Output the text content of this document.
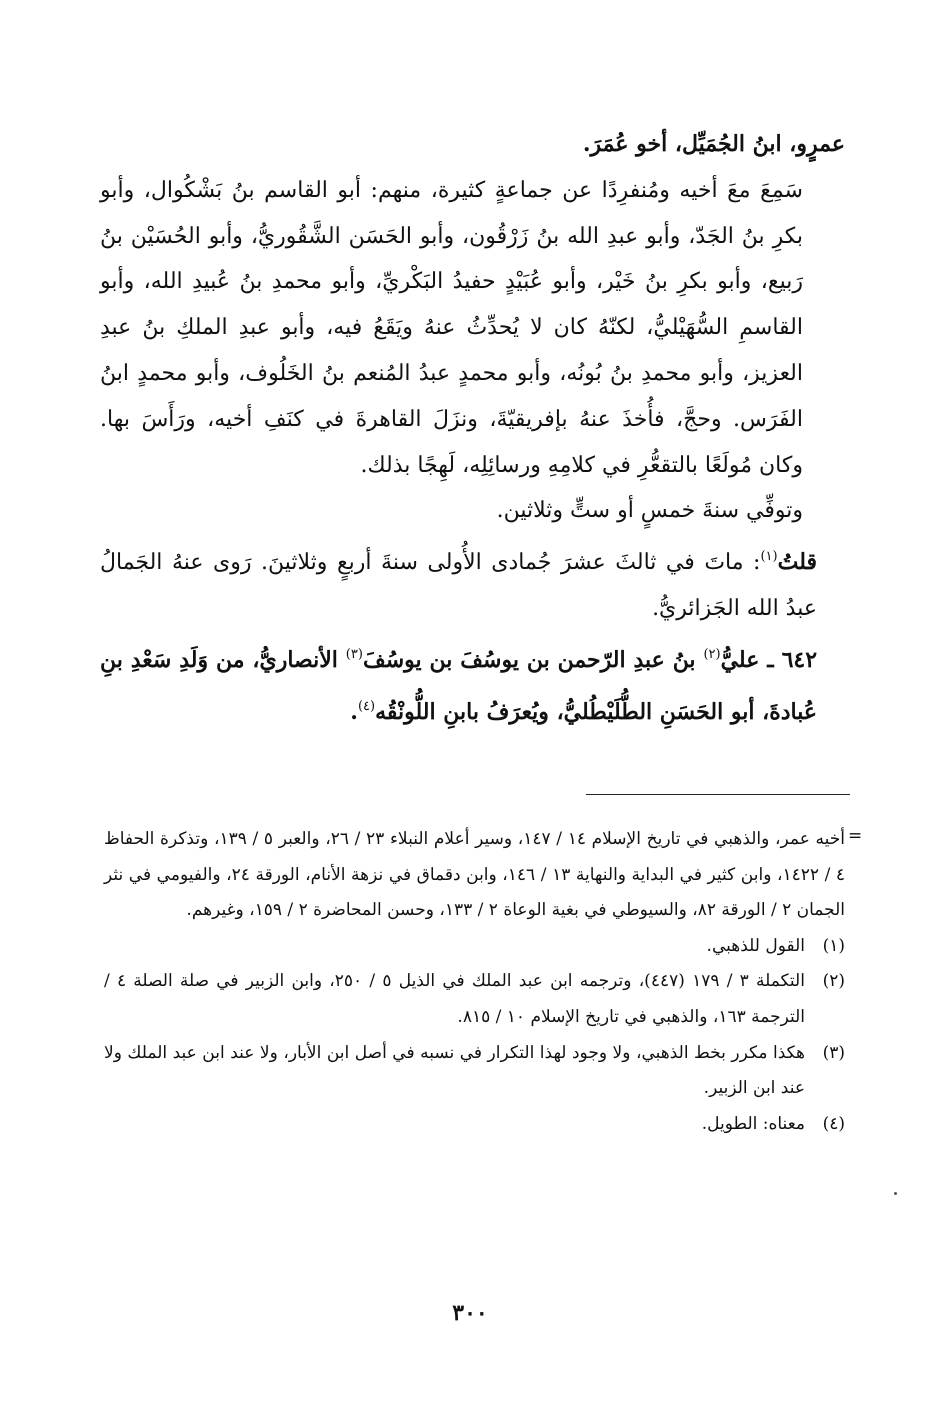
عمرٍو، ابنُ الجُمَيِّل، أخو عُمَرَ.

سَمِعَ معَ أخيه ومُنفرِدًا عن جماعةٍ كثيرة، منهم: أبو القاسم بنُ بَشْكُوال، وأبو بكرِ بنُ الجَدّ، وأبو عبدِ الله بنُ زَرْقُون، وأبو الحَسَن الشَّقُوريُّ، وأبو الحُسَيْن بنُ رَبيع، وأبو بكرِ بنُ خَيْر، وأبو عُبَيْدٍ حفيدُ البَكْريِّ، وأبو محمدِ بنُ عُبيدِ الله، وأبو القاسمِ السُّهَيْليُّ، لكنّهُ كان لا يُحدِّثُ عنهُ ويَقَعُ فيه، وأبو عبدِ الملكِ بنُ عبدِ العزيز، وأبو محمدِ بنُ بُونُه، وأبو محمدٍ عبدُ المُنعم بنُ الخَلُوف، وأبو محمدٍ ابنُ الفَرَس. وحجَّ، فأُخذَ عنهُ بإفريقيّةَ، ونزَلَ القاهرةَ في كنَفِ أخيه، ورَأَسَ بها. وكان مُولَعًا بالتقعُّرِ في كلامِهِ ورسائِلِه، لَهِجًا بذلك.

وتوفِّي سنةَ خمسٍ أو ستٍّ وثلاثين.

قلتُ$^{(١)}$: ماتَ في ثالثَ عشرَ جُمادى الأُولى سنةَ أربعٍ وثلاثينَ. رَوى عنهُ الجَمالُ عبدُ الله الجَزائريُّ.

٦٤٢ ـ عليُّ$^{(٢)}$ بنُ عبدِ الرّحمن بن يوسُفَ بن يوسُفَ$^{(٣)}$ الأنصاريُّ، من وَلَدِ سَعْدِ بنِ عُبادةَ، أبو الحَسَنِ الطُّلَيْطُليُّ، ويُعرَفُ بابنِ اللُّونْقُه$^{(٤)}$.

=

أخيه عمر، والذهبي في تاريخ الإسلام ١٤ / ١٤٧، وسير أعلام النبلاء ٢٣ / ٢٦، والعبر ٥ / ١٣٩، وتذكرة الحفاظ ٤ / ١٤٢٢، وابن كثير في البداية والنهاية ١٣ / ١٤٦، وابن دقماق في نزهة الأنام، الورقة ٢٤، والفيومي في نثر الجمان ٢ / الورقة ٨٢، والسيوطي في بغية الوعاة ٢ / ١٣٣، وحسن المحاضرة ٢ / ١٥٩، وغيرهم.

(١)
القول للذهبي.
(٢)
التكملة ٣ / ١٧٩ (٤٤٧)، وترجمه ابن عبد الملك في الذيل ٥ / ٢٥٠، وابن الزبير في صلة الصلة ٤ / الترجمة ١٦٣، والذهبي في تاريخ الإسلام ١٠ / ٨١٥.
(٣)
هكذا مكرر بخط الذهبي، ولا وجود لهذا التكرار في نسبه في أصل ابن الأبار، ولا عند ابن عبد الملك ولا عند ابن الزبير.
(٤)
معناه: الطويل.
٣٠٠
